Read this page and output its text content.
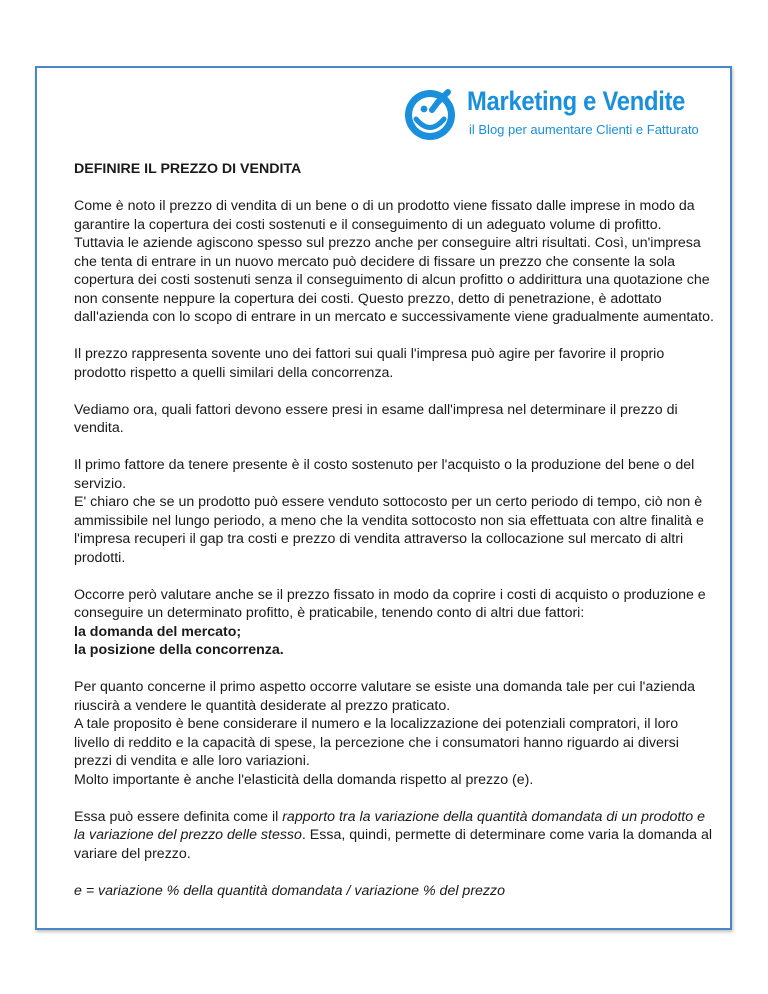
Marketing e Vendite
il Blog per aumentare Clienti e Fatturato
DEFINIRE IL PREZZO DI VENDITA

Come è noto il prezzo di vendita di un bene o di un prodotto viene fissato dalle imprese in modo da garantire la copertura dei costi sostenuti e il conseguimento di un adeguato volume di profitto.
Tuttavia le aziende agiscono spesso sul prezzo anche per conseguire altri risultati. Così, un'impresa che tenta di entrare in un nuovo mercato può decidere di fissare un prezzo che consente la sola copertura dei costi sostenuti senza il conseguimento di alcun profitto o addirittura una quotazione che non consente neppure la copertura dei costi. Questo prezzo, detto di penetrazione, è adottato dall'azienda con lo scopo di entrare in un mercato e successivamente viene gradualmente aumentato.

Il prezzo rappresenta sovente uno dei fattori sui quali l'impresa può agire per favorire il proprio prodotto rispetto a quelli similari della concorrenza.

Vediamo ora, quali fattori devono essere presi in esame dall'impresa nel determinare il prezzo di vendita.

Il primo fattore da tenere presente è il costo sostenuto per l'acquisto o la produzione del bene o del servizio.
E' chiaro che se un prodotto può essere venduto sottocosto per un certo periodo di tempo, ciò non è ammissibile nel lungo periodo, a meno che la vendita sottocosto non sia effettuata con altre finalità e l'impresa recuperi il gap tra costi e prezzo di vendita attraverso la collocazione sul mercato di altri prodotti.

Occorre però valutare anche se il prezzo fissato in modo da coprire i costi di acquisto o produzione e conseguire un determinato profitto, è praticabile, tenendo conto di altri due fattori:
la domanda del mercato;
la posizione della concorrenza.

Per quanto concerne il primo aspetto occorre valutare se esiste una domanda tale per cui l'azienda riuscirà a vendere le quantità desiderate al prezzo praticato.
A tale proposito è bene considerare il numero e la localizzazione dei potenziali compratori, il loro livello di reddito e la capacità di spese, la percezione che i consumatori hanno riguardo ai diversi prezzi di vendita e alle loro variazioni.
Molto importante è anche l'elasticità della domanda rispetto al prezzo (e).

Essa può essere definita come il rapporto tra la variazione della quantità domandata di un prodotto e la variazione del prezzo delle stesso. Essa, quindi, permette di determinare come varia la domanda al variare del prezzo.

e = variazione % della quantità domandata / variazione % del prezzo
